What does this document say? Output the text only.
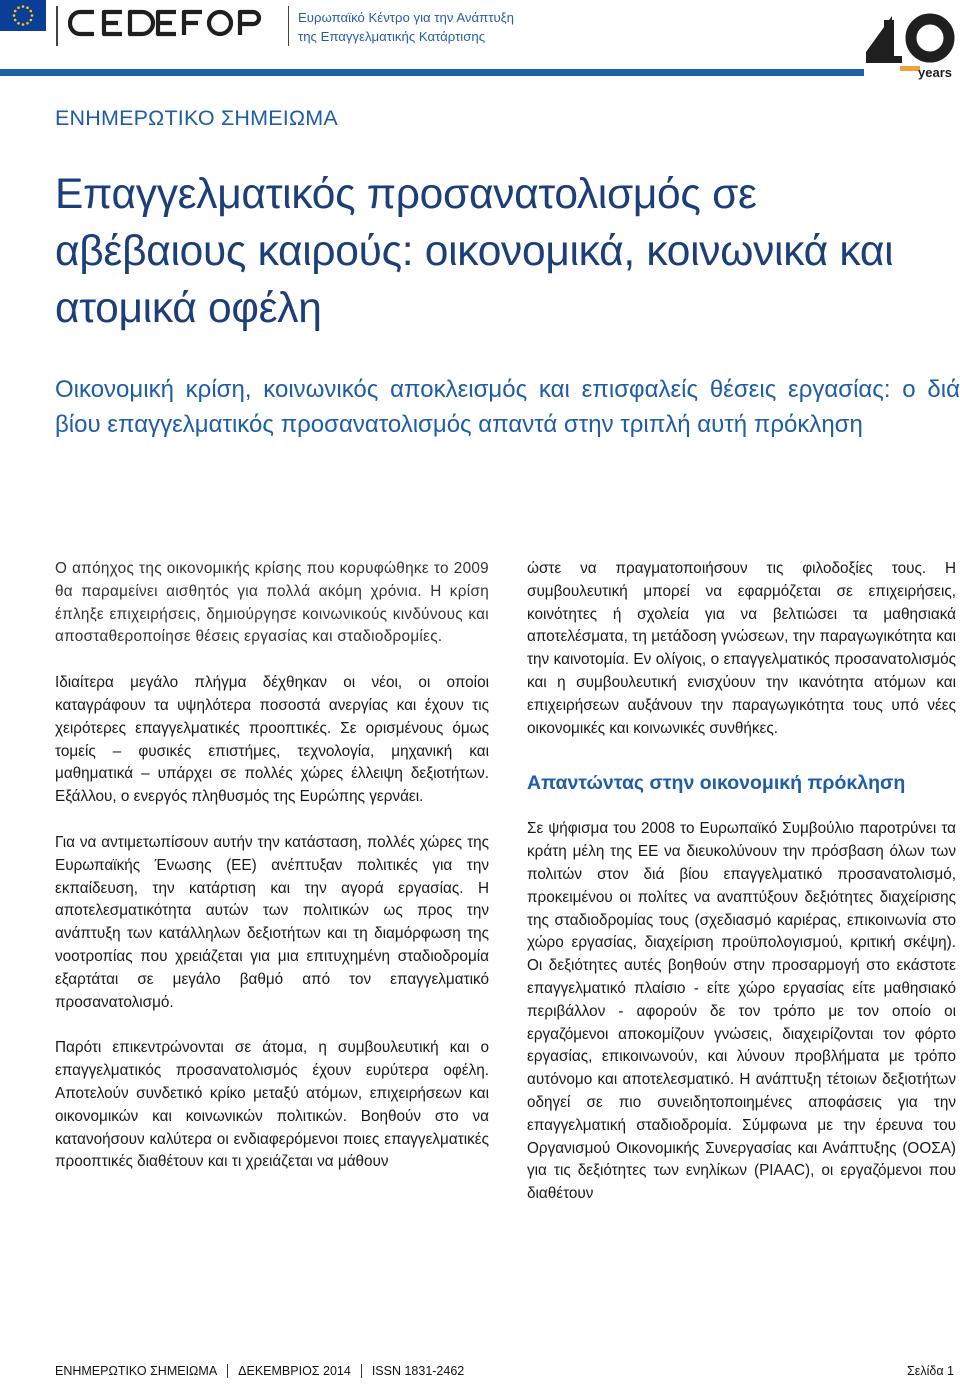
Ευρωπαϊκό Κέντρο για την Ανάπτυξη
της Επαγγελματικής Κατάρτισης
years
ΕΝΗΜΕΡΩΤΙΚΟ ΣΗΜΕΙΩΜΑ
Επαγγελματικός προσανατολισμός σε αβέβαιους καιρούς: οικονομικά, κοινωνικά και ατομικά οφέλη
Οικονομική κρίση, κοινωνικός αποκλεισμός και επισφαλείς θέσεις εργασίας: ο διά βίου επαγγελματικός προσανατολισμός απαντά στην τριπλή αυτή πρόκληση

Ο απόηχος της οικονομικής κρίσης που κορυφώθηκε το 2009 θα παραμείνει αισθητός για πολλά ακόμη χρόνια. Η κρίση έπληξε επιχειρήσεις, δημιούργησε κοινωνικούς κινδύνους και αποσταθεροποίησε θέσεις εργασίας και σταδιοδρομίες.

Ιδιαίτερα μεγάλο πλήγμα δέχθηκαν οι νέοι, οι οποίοι καταγράφουν τα υψηλότερα ποσοστά ανεργίας και έχουν τις χειρότερες επαγγελματικές προοπτικές. Σε ορισμένους όμως τομείς – φυσικές επιστήμες, τεχνολογία, μηχανική και μαθηματικά – υπάρχει σε πολλές χώρες έλλειψη δεξιοτήτων. Εξάλλου, ο ενεργός πληθυσμός της Ευρώπης γερνάει.

Για να αντιμετωπίσουν αυτήν την κατάσταση, πολλές χώρες της Ευρωπαϊκής Ένωσης (ΕΕ) ανέπτυξαν πολιτικές για την εκπαίδευση, την κατάρτιση και την αγορά εργασίας. Η αποτελεσματικότητα αυτών των πολιτικών ως προς την ανάπτυξη των κατάλληλων δεξιοτήτων και τη διαμόρφωση της νοοτροπίας που χρειάζεται για μια επιτυχημένη σταδιοδρομία εξαρτάται σε μεγάλο βαθμό από τον επαγγελματικό προσανατολισμό.

Παρότι επικεντρώνονται σε άτομα, η συμβουλευτική και ο επαγγελματικός προσανατολισμός έχουν ευρύτερα οφέλη. Αποτελούν συνδετικό κρίκο μεταξύ ατόμων, επιχειρήσεων και οικονομικών και κοινωνικών πολιτικών. Βοηθούν στο να κατανοήσουν καλύτερα οι ενδιαφερόμενοι ποιες επαγγελματικές προοπτικές διαθέτουν και τι χρειάζεται να μάθουν

ώστε να πραγματοποιήσουν τις φιλοδοξίες τους. Η συμβουλευτική μπορεί να εφαρμόζεται σε επιχειρήσεις, κοινότητες ή σχολεία για να βελτιώσει τα μαθησιακά αποτελέσματα, τη μετάδοση γνώσεων, την παραγωγικότητα και την καινοτομία. Εν ολίγοις, ο επαγγελματικός προσανατολισμός και η συμβουλευτική ενισχύουν την ικανότητα ατόμων και επιχειρήσεων αυξάνουν την παραγωγικότητα τους υπό νέες οικονομικές και κοινωνικές συνθήκες.

Απαντώντας στην οικονομική πρόκληση

Σε ψήφισμα του 2008 το Ευρωπαϊκό Συμβούλιο παροτρύνει τα κράτη μέλη της ΕΕ να διευκολύνουν την πρόσβαση όλων των πολιτών στον διά βίου επαγγελματικό προσανατολισμό, προκειμένου οι πολίτες να αναπτύξουν δεξιότητες διαχείρισης της σταδιοδρομίας τους (σχεδιασμό καριέρας, επικοινωνία στο χώρο εργασίας, διαχείριση προϋπολογισμού, κριτική σκέψη). Οι δεξιότητες αυτές βοηθούν στην προσαρμογή στο εκάστοτε επαγγελματικό πλαίσιο - είτε χώρο εργασίας είτε μαθησιακό περιβάλλον - αφορούν δε τον τρόπο με τον οποίο οι εργαζόμενοι αποκομίζουν γνώσεις, διαχειρίζονται τον φόρτο εργασίας, επικοινωνούν, και λύνουν προβλήματα με τρόπο αυτόνομο και αποτελεσματικό. Η ανάπτυξη τέτοιων δεξιοτήτων οδηγεί σε πιο συνειδητοποιημένες αποφάσεις για την επαγγελματική σταδιοδρομία. Σύμφωνα με την έρευνα του Οργανισμού Οικονομικής Συνεργασίας και Ανάπτυξης (ΟΟΣΑ) για τις δεξιότητες των ενηλίκων (PIAAC), οι εργαζόμενοι που διαθέτουν

ΕΝΗΜΕΡΩΤΙΚΟ ΣΗΜΕΙΩΜΑ ΔΕΚΕΜΒΡΙΟΣ 2014 ISSN 1831-2462	Σελίδα 1
